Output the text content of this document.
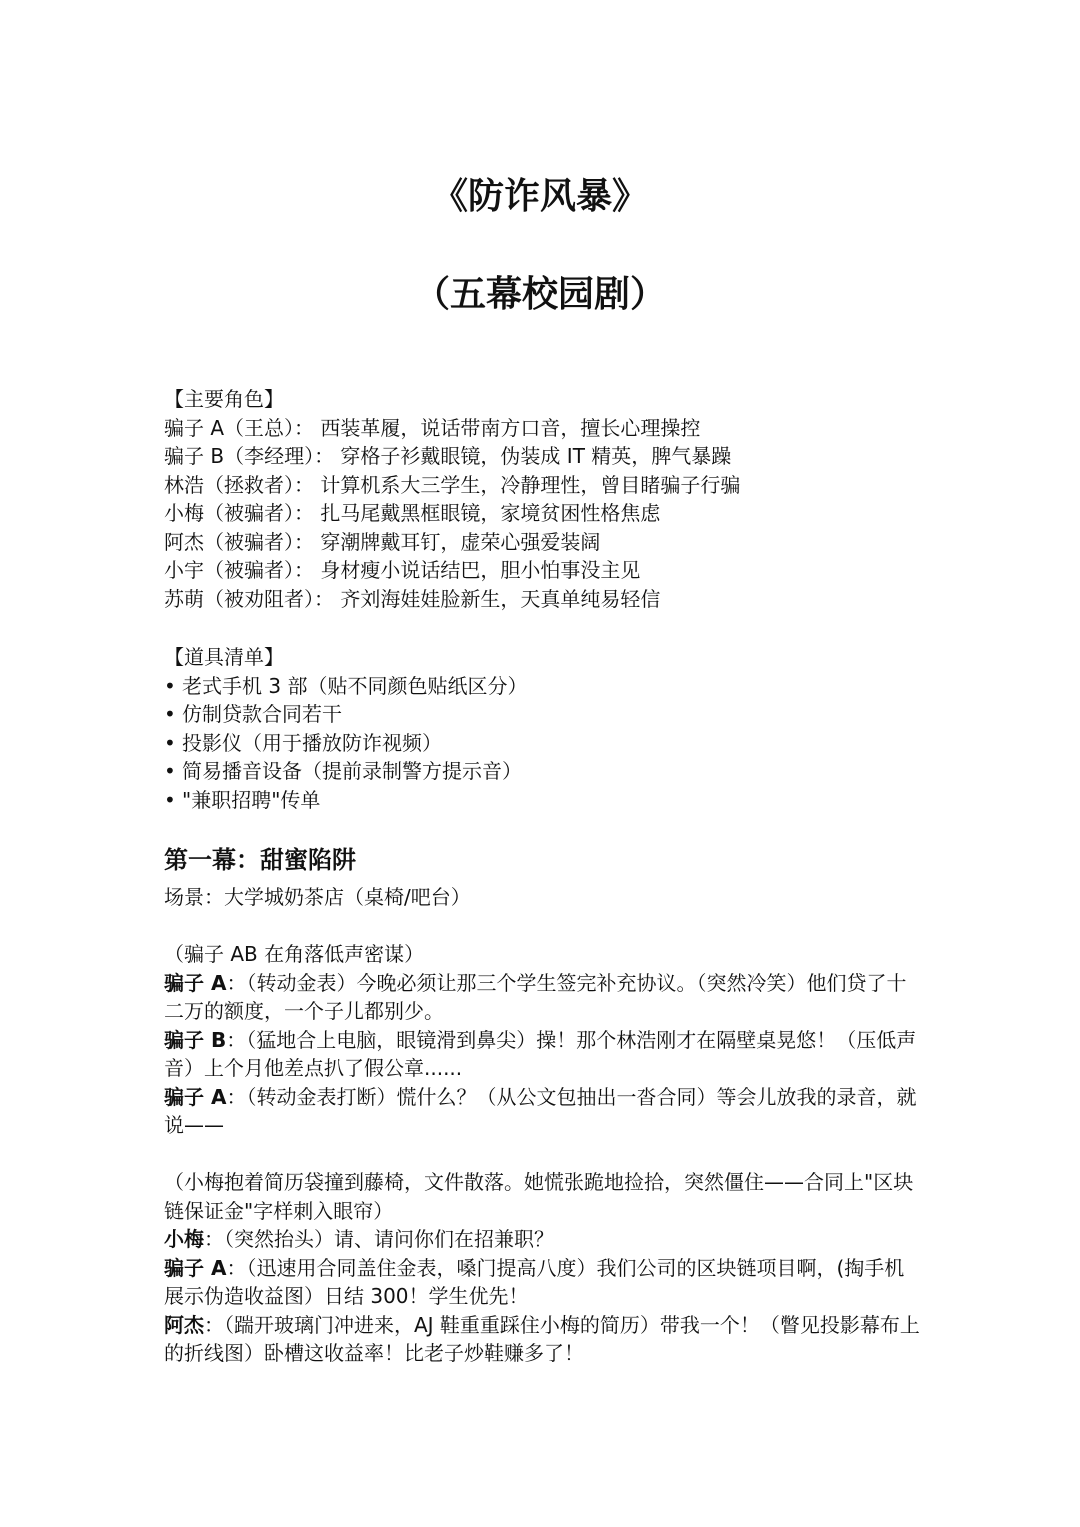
《防诈风暴》
（五幕校园剧）

【主要角色】

骗子 A（王总）： 西装革履，说话带南方口音，擅长心理操控

骗子 B（李经理）： 穿格子衫戴眼镜，伪装成 IT 精英，脾气暴躁

林浩（拯救者）： 计算机系大三学生，冷静理性，曾目睹骗子行骗

小梅（被骗者）： 扎马尾戴黑框眼镜，家境贫困性格焦虑

阿杰（被骗者）： 穿潮牌戴耳钉，虚荣心强爱装阔

小宇（被骗者）： 身材瘦小说话结巴，胆小怕事没主见

苏萌（被劝阻者）： 齐刘海娃娃脸新生，天真单纯易轻信

【道具清单】

• 老式手机 3 部（贴不同颜色贴纸区分）
• 仿制贷款合同若干
• 投影仪（用于播放防诈视频）
• 简易播音设备（提前录制警方提示音）
• "兼职招聘"传单
第一幕：甜蜜陷阱

场景：大学城奶茶店（桌椅/吧台）

（骗子 AB 在角落低声密谋）

骗子 A：（转动金表）今晚必须让那三个学生签完补充协议。（突然冷笑）他们贷了十二万的额度，一个子儿都别少。

骗子 B：（猛地合上电脑，眼镜滑到鼻尖）操！那个林浩刚才在隔壁桌晃悠！（压低声音）上个月他差点扒了假公章......

骗子 A：（转动金表打断）慌什么？（从公文包抽出一沓合同）等会儿放我的录音，就说——

（小梅抱着简历袋撞到藤椅，文件散落。她慌张跪地捡拾，突然僵住——合同上"区块链保证金"字样刺入眼帘）

小梅：（突然抬头）请、请问你们在招兼职？

骗子 A：（迅速用合同盖住金表，嗓门提高八度）我们公司的区块链项目啊，(掏手机展示伪造收益图）日结 300！学生优先！

阿杰：（踹开玻璃门冲进来，AJ 鞋重重踩住小梅的简历）带我一个！（瞥见投影幕布上的折线图）卧槽这收益率！比老子炒鞋赚多了！
